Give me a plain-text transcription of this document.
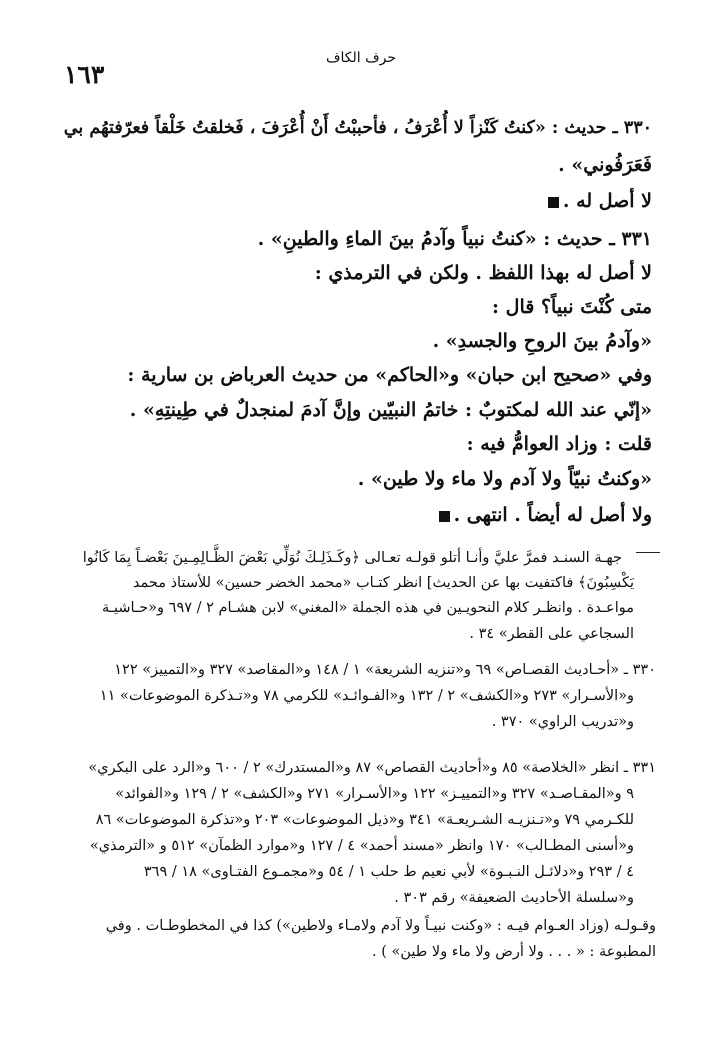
حرف الكاف
١٦٣
٣٣٠ ـ حديث : «كنتُ كَنْزاً لا أُعْرَفُ ، فأحببْتُ أَنْ أُعْرَفَ ، فَخلقتُ خَلْقاً فعرّفتهُم بي
فَعَرَفُوني» .
لا أصل له .
٣٣١ ـ حديث : «كنتُ نبياً وآدمُ بينَ الماءِ والطينِ» .
لا أصل له بهذا اللفظ . ولكن في الترمذي :
متى كُنْتَ نبياً؟ قال :
«وآدمُ بينَ الروحِ والجسدِ» .
وفي «صحيح ابن حبان» و«الحاكم» من حديث العرباض بن سارية :
«إنّي عند الله لمكتوبٌ : خاتمُ النبيّين وإنَّ آدمَ لمنجدلٌ في طِينتِهِ» .
قلت : وزاد العوامُّ فيه :
«وكنتُ نبيّاً ولا آدم ولا ماء ولا طين» .
ولا أصل له أيضاً . انتهى .
جهـة السنـد فمرَّ عليَّ وأنـا أتلو قولـه تعـالى ﴿وكَـذَلِـكَ نُوَلِّي بَعْضَ الظَّـالِمِـينَ بَعْضـاً بِمَا كَانُوا
يَكْسِبُونَ﴾ فاكتفيت بها عن الحديث] انظر كتـاب «محمد الخضر حسين» للأستاذ محمد
مواعـدة . وانظـر كلام النحويـين في هذه الجملة «المغني» لابن هشـام ٢ / ٦٩٧ و«حـاشيـة
السجاعي على القطر» ٣٤ .
٣٣٠ ـ «أحـاديث القصـاص» ٦٩ و«تنزيه الشريعة» ١ / ١٤٨ و«المقاصد» ٣٢٧ و«التمييز» ١٢٢
و«الأسـرار» ٢٧٣ و«الكشف» ٢ / ١٣٢ و«الفـوائـد» للكرمي ٧٨ و«تـذكرة الموضوعات» ١١
و«تدريب الراوي» ٣٧٠ .
٣٣١ ـ انظر «الخلاصة» ٨٥ و«أحاديث القصاص» ٨٧ و«المستدرك» ٢ / ٦٠٠ و«الرد على البكري»
٩ و«المقـاصـد» ٣٢٧ و«التمييـز» ١٢٢ و«الأسـرار» ٢٧١ و«الكشف» ٢ / ١٢٩ و«الفوائد»
للكـرمي ٧٩ و«تـنزيـه الشـريعـة» ٣٤١ و«ذيل الموضوعات» ٢٠٣ و«تذكرة الموضوعات» ٨٦
و«أسنى المطـالب» ١٧٠ وانظر «مسند أحمد» ٤ / ١٢٧ و«موارد الظمآن» ٥١٢ و «الترمذي»
٤ / ٢٩٣ و«دلائـل النـبـوة» لأبي نعيم ط حلب ١ / ٥٤ و«مجمـوع الفتـاوى» ١٨ / ٣٦٩
و«سلسلة الأحاديث الضعيفة» رقم ٣٠٣ .
وقـولـه (وزاد العـوام فيـه : «وكنت نبيـاً ولا آدم ولامـاء ولاطين») كذا في المخطوطـات . وفي
المطبوعة : « . . . ولا أرض ولا ماء ولا طين» ) .
